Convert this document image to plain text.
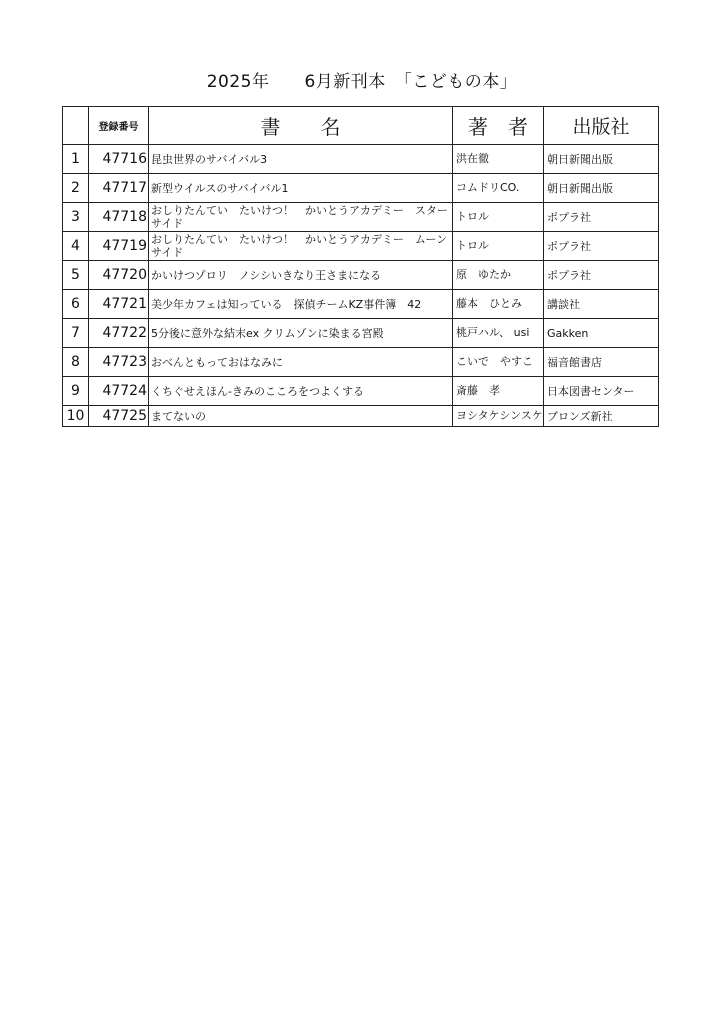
2025年　　6月新刊本　「こどもの本」
	登録番号	書　　名	著　者	出版社
1	47716	昆虫世界のサバイバル3	洪在徹	朝日新聞出版
2	47717	新型ウイルスのサバイバル1	コムドリCO.	朝日新聞出版
3	47718	おしりたんてい　たいけつ！　かいとうアカデミー　スターサイド	トロル	ポプラ社
4	47719	おしりたんてい　たいけつ！　かいとうアカデミー　ムーンサイド	トロル	ポプラ社
5	47720	かいけつゾロリ　ノシシいきなり王さまになる	原　ゆたか	ポプラ社
6	47721	美少年カフェは知っている　探偵チームKZ事件簿　42	藤本　ひとみ	講談社
7	47722	5分後に意外な結末ex クリムゾンに染まる宮殿	桃戸ハル、 usi	Gakken
8	47723	おべんともっておはなみに	こいで　やすこ	福音館書店
9	47724	くちぐせえほん-きみのこころをつよくする	斎藤　孝	日本図書センター
10	47725	まてないの	ヨシタケシンスケ	ブロンズ新社
